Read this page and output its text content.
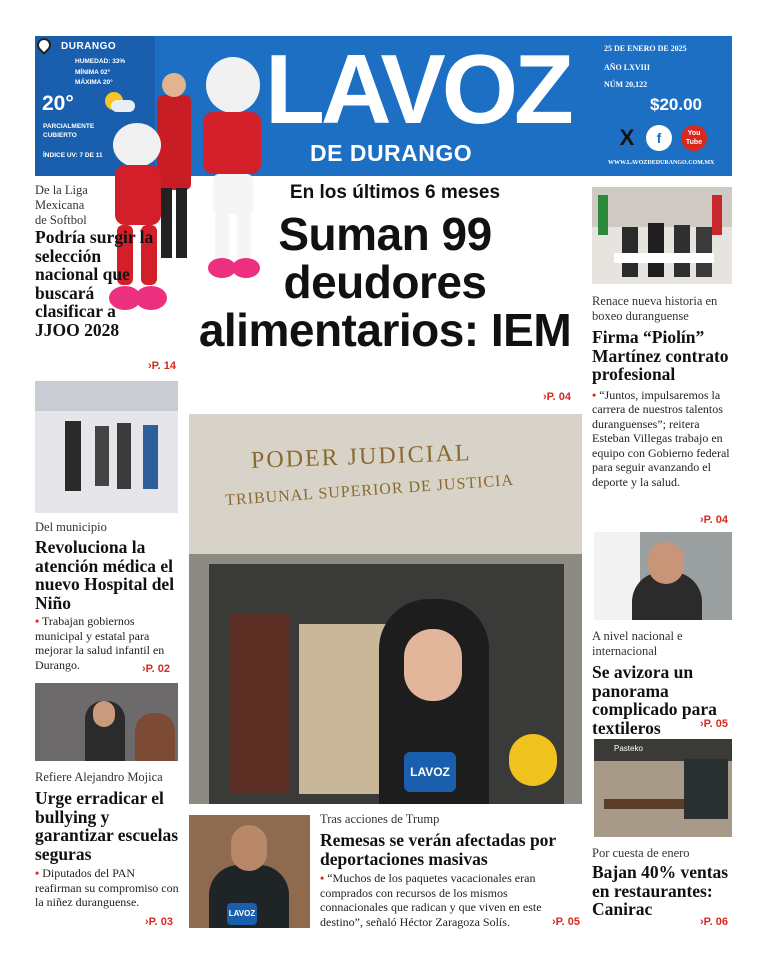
DURANGO
HUMEDAD: 33%
MÍNIMA 02°
MÁXIMA 20°
20°
PARCIALMENTE CUBIERTO
ÍNDICE UV: 7 DE 11
LAVOZ
DE DURANGO
25 DE ENERO DE 2025
AÑO LXVIII
NÚM 20,122
$20.00
X	f	You Tube
WWW.LAVOZDEDURANGO.COM.MX
En los últimos 6 meses
Suman 99 deudores alimentarios: IEM
›P. 04
PODER JUDICIAL
TRIBUNAL SUPERIOR DE JUSTICIA
LAVOZ
De la Liga Mexicana de Softbol
Podría surgir la selección nacional que buscará clasificar a JJOO 2028
›P. 14
Del municipio
Revoluciona la atención médica el nuevo Hospital del Niño
• Trabajan gobiernos municipal y estatal para mejorar la salud infantil en Durango.	›P. 02
Refiere Alejandro Mojica
Urge erradicar el bullying y garantizar escuelas seguras
• Diputados del PAN reafirman su compromiso con la niñez duranguense.
›P. 03
Renace nueva historia en boxeo duranguense
Firma “Piolín” Martínez contrato profesional
• “Juntos, impulsaremos la carrera de nuestros talentos duranguenses”; reitera Esteban Villegas trabajo en equipo con Gobierno federal para seguir avanzando el deporte y la salud.
›P. 04
A nivel nacional e internacional
Se avizora un panorama complicado para textileros	›P. 05
Pasteko
Por cuesta de enero
Bajan 40% ventas en restaurantes: Canirac
›P. 06
LAVOZ
Tras acciones de Trump
Remesas se verán afectadas por deportaciones masivas
• “Muchos de los paquetes vacacionales eran comprados con recursos de los mismos connacionales que radican y que viven en este destino”, señaló Héctor Zaragoza Solís.	›P. 05
